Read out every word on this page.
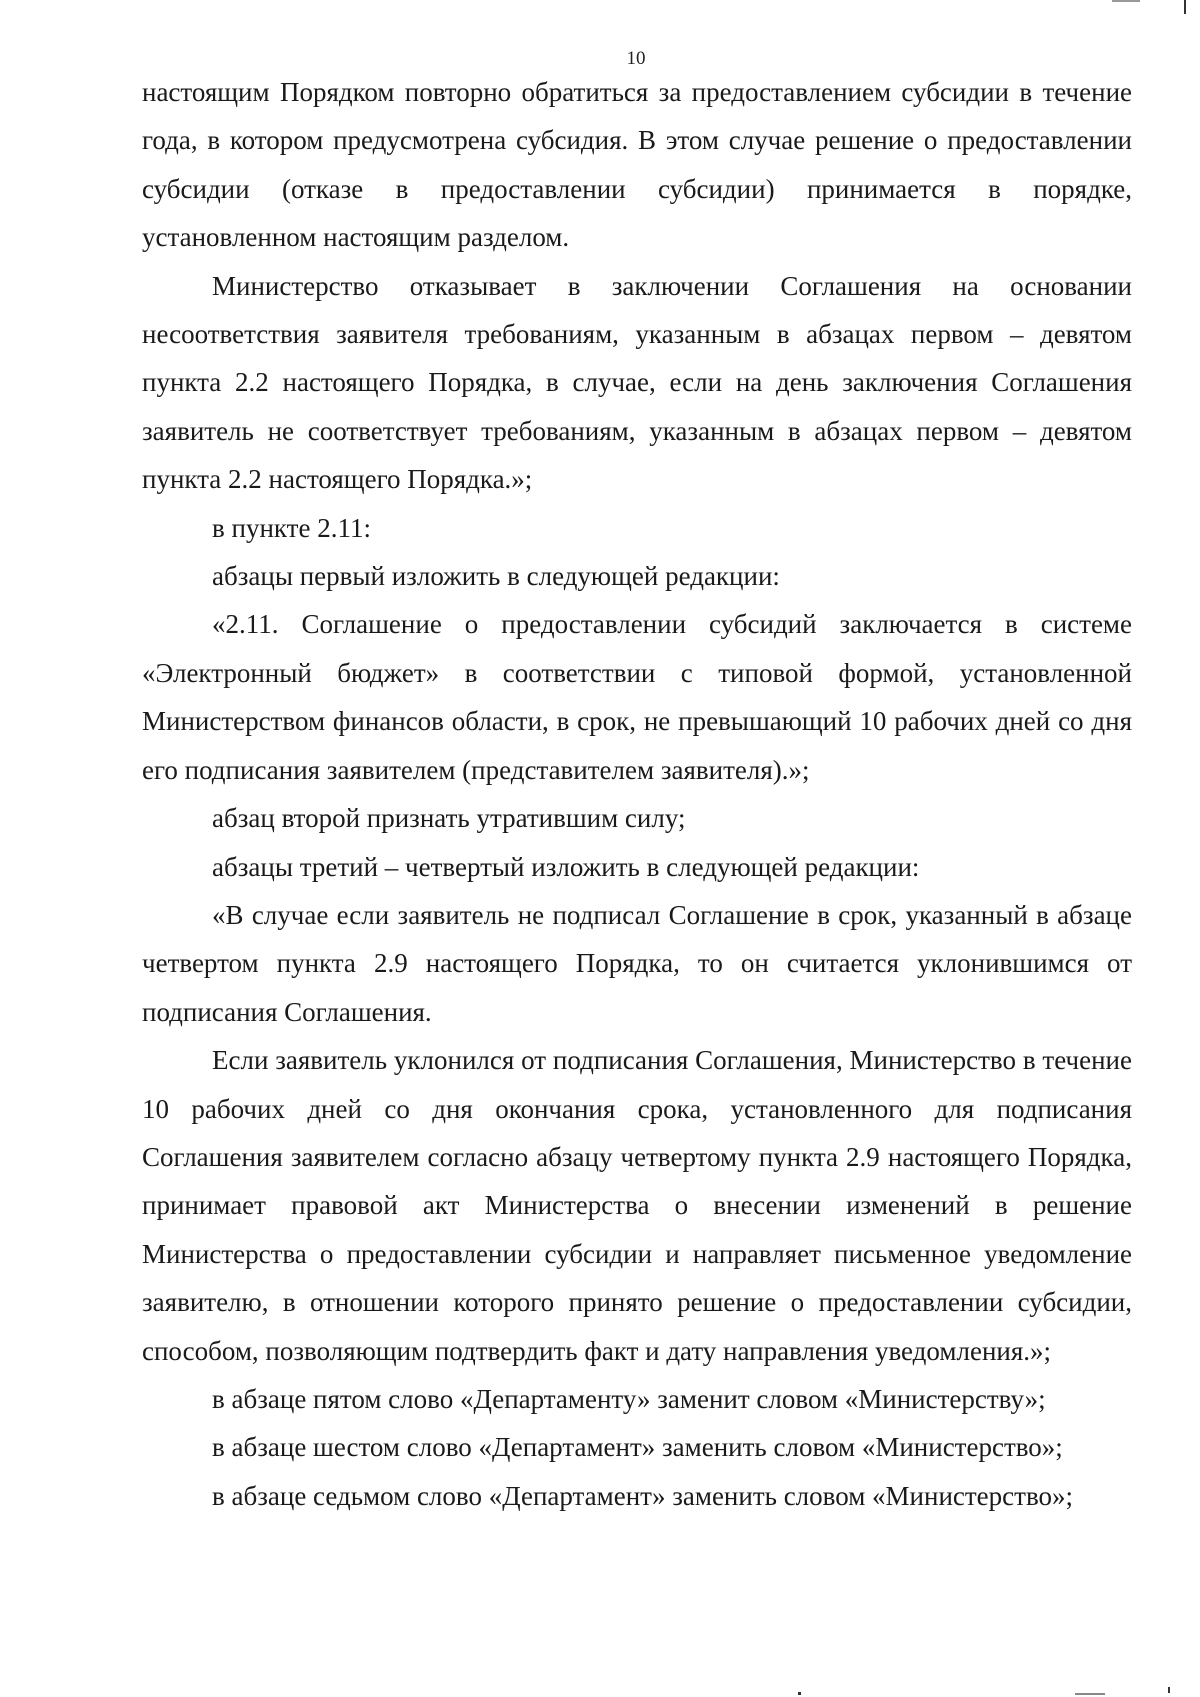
10

настоящим Порядком повторно обратиться за предоставлением субсидии в течение года, в котором предусмотрена субсидия. В этом случае решение о предоставлении субсидии (отказе в предоставлении субсидии) принимается в порядке, установленном настоящим разделом.

Министерство отказывает в заключении Соглашения на основании несоответствия заявителя требованиям, указанным в абзацах первом – девятом пункта 2.2 настоящего Порядка, в случае, если на день заключения Соглашения заявитель не соответствует требованиям, указанным в абзацах первом – девятом пункта 2.2 настоящего Порядка.»;

в пункте 2.11:

абзацы первый изложить в следующей редакции:

«2.11. Соглашение о предоставлении субсидий заключается в системе «Электронный бюджет» в соответствии с типовой формой, установленной Министерством финансов области, в срок, не превышающий 10 рабочих дней со дня его подписания заявителем (представителем заявителя).»;

абзац второй признать утратившим силу;

абзацы третий – четвертый изложить в следующей редакции:

«В случае если заявитель не подписал Соглашение в срок, указанный в абзаце четвертом пункта 2.9 настоящего Порядка, то он считается уклонившимся от подписания Соглашения.

Если заявитель уклонился от подписания Соглашения, Министерство в течение 10 рабочих дней со дня окончания срока, установленного для подписания Соглашения заявителем согласно абзацу четвертому пункта 2.9 настоящего Порядка, принимает правовой акт Министерства о внесении изменений в решение Министерства о предоставлении субсидии и направляет письменное уведомление заявителю, в отношении которого принято решение о предоставлении субсидии, способом, позволяющим подтвердить факт и дату направления уведомления.»;

в абзаце пятом слово «Департаменту» заменит словом «Министерству»;

в абзаце шестом слово «Департамент» заменить словом «Министерство»;

в абзаце седьмом слово «Департамент» заменить словом «Министерство»;
